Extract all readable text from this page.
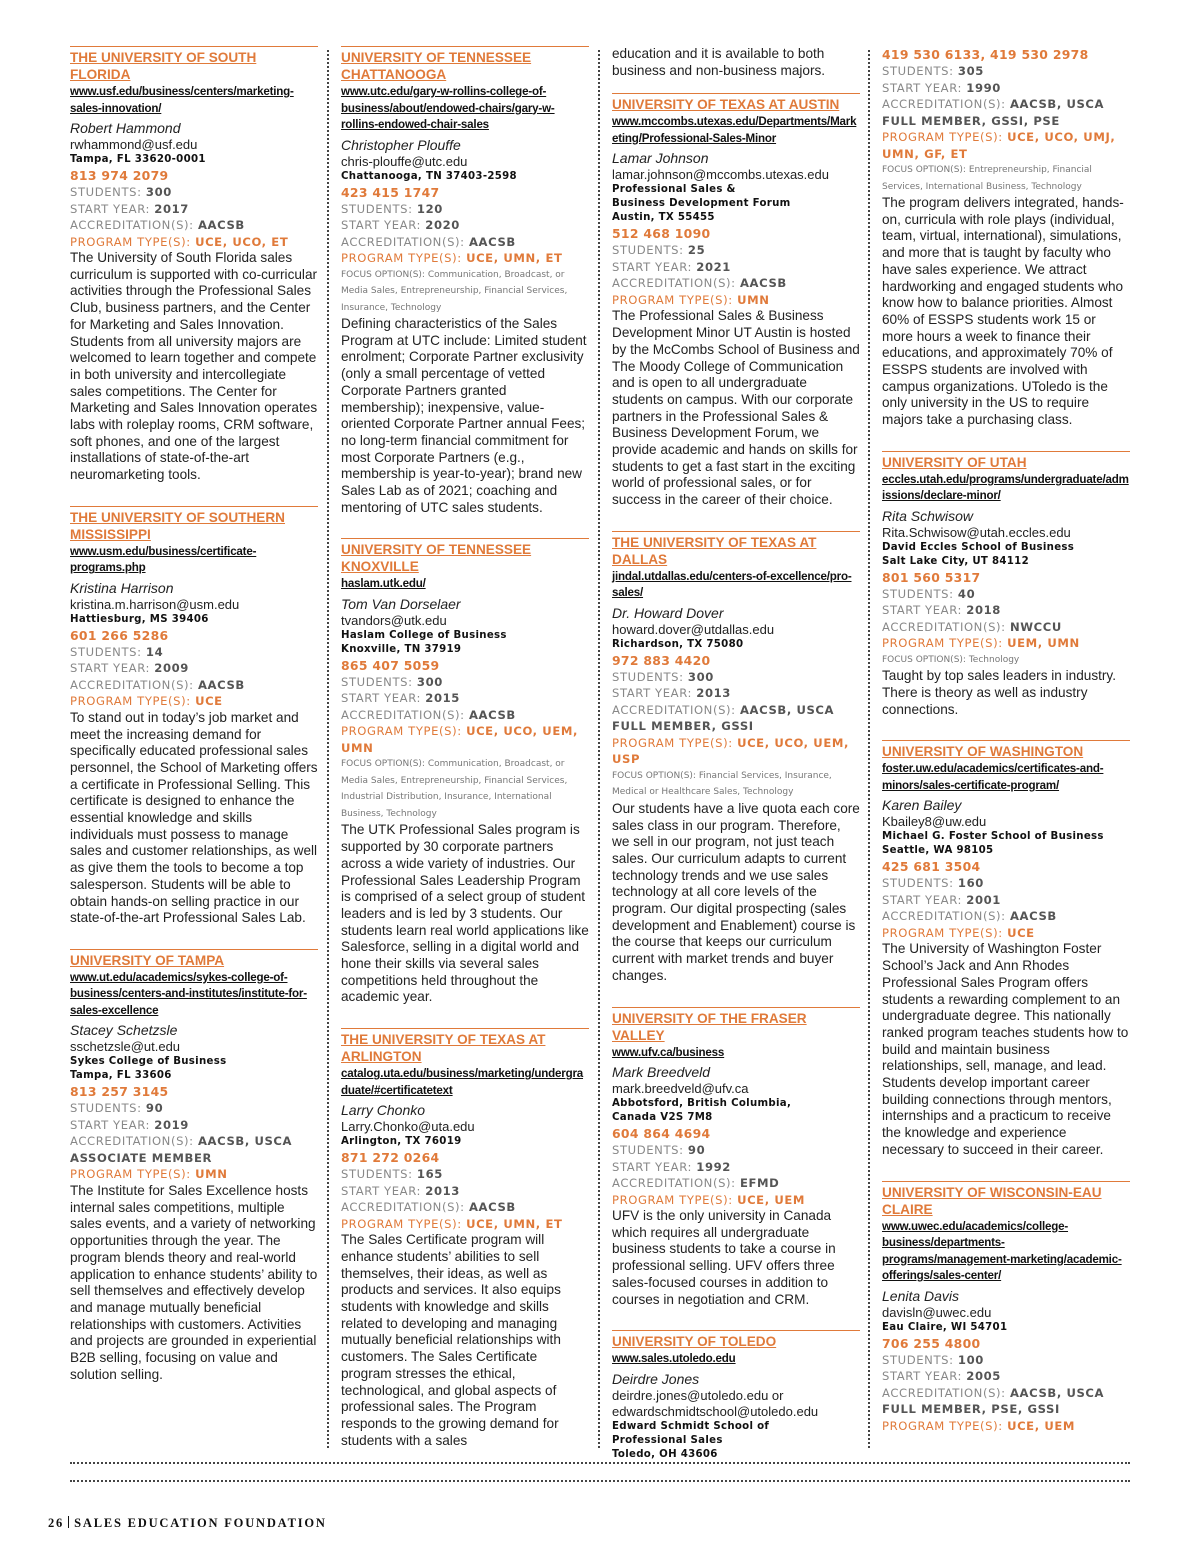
THE UNIVERSITY OF SOUTH FLORIDA
www.usf.edu/business/centers/marketing-sales-innovation/
Robert Hammond
rwhammond@usf.edu
Tampa, FL 33620-0001
813 974 2079
STUDENTS: 300
START YEAR: 2017
ACCREDITATION(S): AACSB
PROGRAM TYPE(S): UCE, UCO, ET
The University of South Florida sales curriculum is supported with co-curricular activities through the Professional Sales Club, business partners, and the Center for Marketing and Sales Innovation. Students from all university majors are welcomed to learn together and compete in both university and intercollegiate sales competitions. The Center for Marketing and Sales Innovation operates labs with roleplay rooms, CRM software, soft phones, and one of the largest installations of state-of-the-art neuromarketing tools.
THE UNIVERSITY OF SOUTHERN MISSISSIPPI
www.usm.edu/business/certificate-programs.php
Kristina Harrison
kristina.m.harrison@usm.edu
Hattiesburg, MS 39406
601 266 5286
STUDENTS: 14
START YEAR: 2009
ACCREDITATION(S): AACSB
PROGRAM TYPE(S): UCE
To stand out in today’s job market and meet the increasing demand for specifically educated professional sales personnel, the School of Marketing offers a certificate in Professional Selling. This certificate is designed to enhance the essential knowledge and skills individuals must possess to manage sales and customer relationships, as well as give them the tools to become a top salesperson. Students will be able to obtain hands-on selling practice in our state-of-the-art Professional Sales Lab.
UNIVERSITY OF TAMPA
www.ut.edu/academics/sykes-college-of-business/centers-and-institutes/institute-for-sales-excellence
Stacey Schetzsle
sschetzsle@ut.edu
Sykes College of Business
Tampa, FL 33606
813 257 3145
STUDENTS: 90
START YEAR: 2019
ACCREDITATION(S): AACSB, USCA ASSOCIATE MEMBER
PROGRAM TYPE(S): UMN
The Institute for Sales Excellence hosts internal sales competitions, multiple sales events, and a variety of networking opportunities through the year. The program blends theory and real-world application to enhance students’ ability to sell themselves and effectively develop and manage mutually beneficial relationships with customers. Activities and projects are grounded in experiential B2B selling, focusing on value and solution selling.
UNIVERSITY OF TENNESSEE CHATTANOOGA
www.utc.edu/gary-w-rollins-college-of-business/about/endowed-chairs/gary-w-rollins-endowed-chair-sales
Christopher Plouffe
chris-plouffe@utc.edu
Chattanooga, TN 37403-2598
423 415 1747
STUDENTS: 120
START YEAR: 2020
ACCREDITATION(S): AACSB
PROGRAM TYPE(S): UCE, UMN, ET
FOCUS OPTION(S): Communication, Broadcast, or Media Sales, Entrepreneurship, Financial Services, Insurance, Technology
Defining characteristics of the Sales Program at UTC include: Limited student enrolment; Corporate Partner exclusivity (only a small percentage of vetted Corporate Partners granted membership); inexpensive, value-oriented Corporate Partner annual Fees; no long-term financial commitment for most Corporate Partners (e.g., membership is year-to-year); brand new Sales Lab as of 2021; coaching and mentoring of UTC sales students.
UNIVERSITY OF TENNESSEE KNOXVILLE
haslam.utk.edu/
Tom Van Dorselaer
tvandors@utk.edu
Haslam College of Business
Knoxville, TN 37919
865 407 5059
STUDENTS: 300
START YEAR: 2015
ACCREDITATION(S): AACSB
PROGRAM TYPE(S): UCE, UCO, UEM, UMN
FOCUS OPTION(S): Communication, Broadcast, or Media Sales, Entrepreneurship, Financial Services, Industrial Distribution, Insurance, International Business, Technology
The UTK Professional Sales program is supported by 30 corporate partners across a wide variety of industries. Our Professional Sales Leadership Program is comprised of a select group of student leaders and is led by 3 students. Our students learn real world applications like Salesforce, selling in a digital world and hone their skills via several sales competitions held throughout the academic year.
THE UNIVERSITY OF TEXAS AT ARLINGTON
catalog.uta.edu/business/marketing/undergraduate/#certificatetext
Larry Chonko
Larry.Chonko@uta.edu
Arlington, TX 76019
871 272 0264
STUDENTS: 165
START YEAR: 2013
ACCREDITATION(S): AACSB
PROGRAM TYPE(S): UCE, UMN, ET
The Sales Certificate program will enhance students’ abilities to sell themselves, their ideas, as well as products and services. It also equips students with knowledge and skills related to developing and managing mutually beneficial relationships with customers. The Sales Certificate program stresses the ethical, technological, and global aspects of professional sales. The Program responds to the growing demand for students with a sales
education and it is available to both business and non-business majors.
UNIVERSITY OF TEXAS AT AUSTIN
www.mccombs.utexas.edu/Departments/Marketing/Professional-Sales-Minor
Lamar Johnson
lamar.johnson@mccombs.utexas.edu
Professional Sales &
Business Development Forum
Austin, TX 55455
512 468 1090
STUDENTS: 25
START YEAR: 2021
ACCREDITATION(S): AACSB
PROGRAM TYPE(S): UMN
The Professional Sales & Business Development Minor UT Austin is hosted by the McCombs School of Business and The Moody College of Communication and is open to all undergraduate students on campus. With our corporate partners in the Professional Sales & Business Development Forum, we provide academic and hands on skills for students to get a fast start in the exciting world of professional sales, or for success in the career of their choice.
THE UNIVERSITY OF TEXAS AT DALLAS
jindal.utdallas.edu/centers-of-excellence/pro-sales/
Dr. Howard Dover
howard.dover@utdallas.edu
Richardson, TX 75080
972 883 4420
STUDENTS: 300
START YEAR: 2013
ACCREDITATION(S): AACSB, USCA FULL MEMBER, GSSI
PROGRAM TYPE(S): UCE, UCO, UEM, USP
FOCUS OPTION(S): Financial Services, Insurance, Medical or Healthcare Sales, Technology
Our students have a live quota each core sales class in our program. Therefore, we sell in our program, not just teach sales. Our curriculum adapts to current technology trends and we use sales technology at all core levels of the program. Our digital prospecting (sales development and Enablement) course is the course that keeps our curriculum current with market trends and buyer changes.
UNIVERSITY OF THE FRASER VALLEY
www.ufv.ca/business
Mark Breedveld
mark.breedveld@ufv.ca
Abbotsford, British Columbia,
Canada V2S 7M8
604 864 4694
STUDENTS: 90
START YEAR: 1992
ACCREDITATION(S): EFMD
PROGRAM TYPE(S): UCE, UEM
UFV is the only university in Canada which requires all undergraduate business students to take a course in professional selling. UFV offers three sales-focused courses in addition to courses in negotiation and CRM.
UNIVERSITY OF TOLEDO
www.sales.utoledo.edu
Deirdre Jones
deirdre.jones@utoledo.edu or edwardschmidtschool@utoledo.edu
Edward Schmidt School of
Professional Sales
Toledo, OH 43606
419 530 6133, 419 530 2978
STUDENTS: 305
START YEAR: 1990
ACCREDITATION(S): AACSB, USCA FULL MEMBER, GSSI, PSE
PROGRAM TYPE(S): UCE, UCO, UMJ, UMN, GF, ET
FOCUS OPTION(S): Entrepreneurship, Financial Services, International Business, Technology
The program delivers integrated, hands-on, curricula with role plays (individual, team, virtual, international), simulations, and more that is taught by faculty who have sales experience. We attract hardworking and engaged students who know how to balance priorities. Almost 60% of ESSPS students work 15 or more hours a week to finance their educations, and approximately 70% of ESSPS students are involved with campus organizations. UToledo is the only university in the US to require majors take a purchasing class.
UNIVERSITY OF UTAH
eccles.utah.edu/programs/undergraduate/admissions/declare-minor/
Rita Schwisow
Rita.Schwisow@utah.eccles.edu
David Eccles School of Business
Salt Lake City, UT 84112
801 560 5317
STUDENTS: 40
START YEAR: 2018
ACCREDITATION(S): NWCCU
PROGRAM TYPE(S): UEM, UMN
FOCUS OPTION(S): Technology
Taught by top sales leaders in industry. There is theory as well as industry connections.
UNIVERSITY OF WASHINGTON
foster.uw.edu/academics/certificates-and-minors/sales-certificate-program/
Karen Bailey
Kbailey8@uw.edu
Michael G. Foster School of Business
Seattle, WA 98105
425 681 3504
STUDENTS: 160
START YEAR: 2001
ACCREDITATION(S): AACSB
PROGRAM TYPE(S): UCE
The University of Washington Foster School’s Jack and Ann Rhodes Professional Sales Program offers students a rewarding complement to an undergraduate degree. This nationally ranked program teaches students how to build and maintain business relationships, sell, manage, and lead. Students develop important career building connections through mentors, internships and a practicum to receive the knowledge and experience necessary to succeed in their career.
UNIVERSITY OF WISCONSIN-EAU CLAIRE
www.uwec.edu/academics/college-business/departments-programs/management-marketing/academic-offerings/sales-center/
Lenita Davis
davisln@uwec.edu
Eau Claire, WI 54701
706 255 4800
STUDENTS: 100
START YEAR: 2005
ACCREDITATION(S): AACSB, USCA FULL MEMBER, PSE, GSSI
PROGRAM TYPE(S): UCE, UEM
26 SALES EDUCATION FOUNDATION
